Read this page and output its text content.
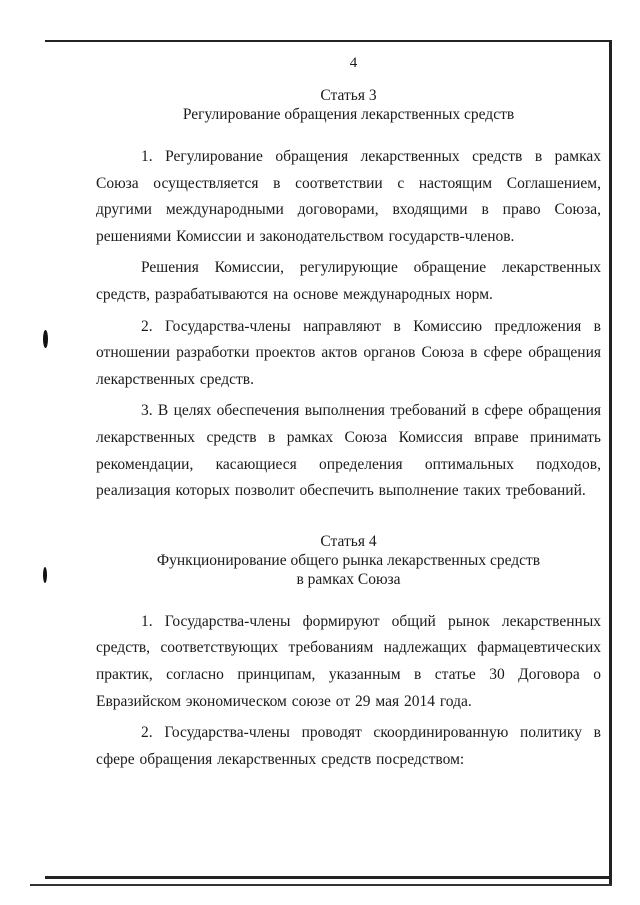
4
Статья 3
Регулирование обращения лекарственных средств

1. Регулирование обращения лекарственных средств в рамках Союза осуществляется в соответствии с настоящим Соглашением, другими международными договорами, входящими в право Союза, решениями Комиссии и законодательством государств-членов.

Решения Комиссии, регулирующие обращение лекарственных средств, разрабатываются на основе международных норм.

2. Государства-члены направляют в Комиссию предложения в отношении разработки проектов актов органов Союза в сфере обращения лекарственных средств.

3. В целях обеспечения выполнения требований в сфере обращения лекарственных средств в рамках Союза Комиссия вправе принимать рекомендации, касающиеся определения оптимальных подходов, реализация которых позволит обеспечить выполнение таких требований.

Статья 4
Функционирование общего рынка лекарственных средств
в рамках Союза

1. Государства-члены формируют общий рынок лекарственных средств, соответствующих требованиям надлежащих фармацевтических практик, согласно принципам, указанным в статье 30 Договора о Евразийском экономическом союзе от 29 мая 2014 года.

2. Государства-члены проводят скоординированную политику в сфере обращения лекарственных средств посредством:
